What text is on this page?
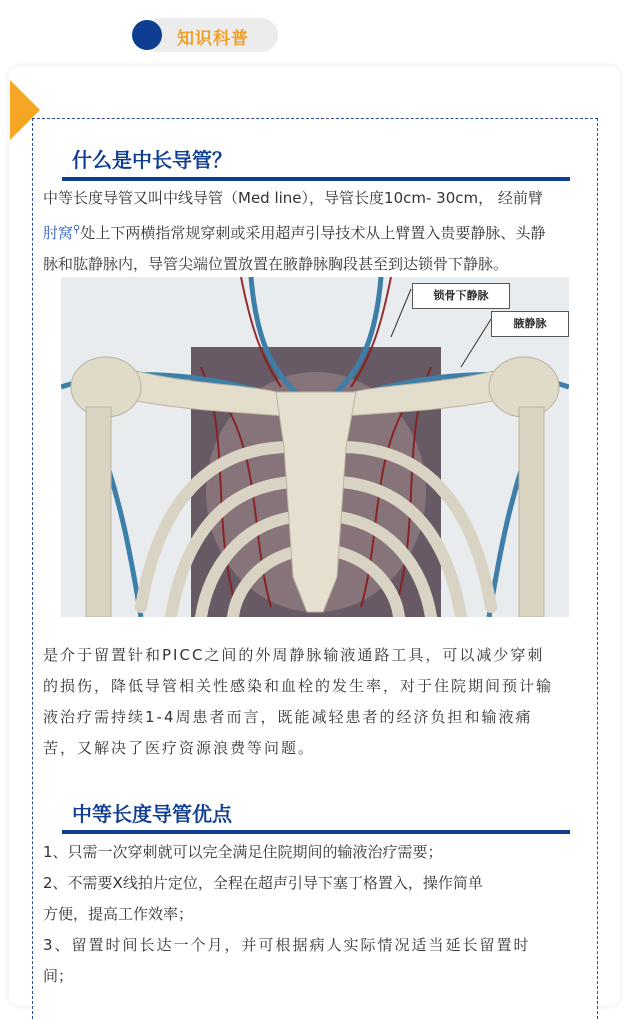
知识科普
什么是中长导管？
中等长度导管又叫中线导管（Med line），导管长度10cm- 30cm， 经前臂
肘窝⚲处上下两横指常规穿刺或采用超声引导技术从上臂置入贵要静脉、头静
脉和肱静脉内，导管尖端位置放置在腋静脉胸段甚至到达锁骨下静脉。
锁骨下静脉
腋静脉
是介于留置针和PICC之间的外周静脉输液通路工具，可以减少穿刺
的损伤，降低导管相关性感染和血栓的发生率，对于住院期间预计输
液治疗需持续1-4周患者而言，既能减轻患者的经济负担和输液痛
苦，又解决了医疗资源浪费等问题。
中等长度导管优点
1、只需一次穿刺就可以完全满足住院期间的输液治疗需要；
2、不需要X线拍片定位，全程在超声引导下塞丁格置入，操作简单
方便，提高工作效率；
3、留置时间长达一个月，并可根据病人实际情况适当延长留置时
间；
